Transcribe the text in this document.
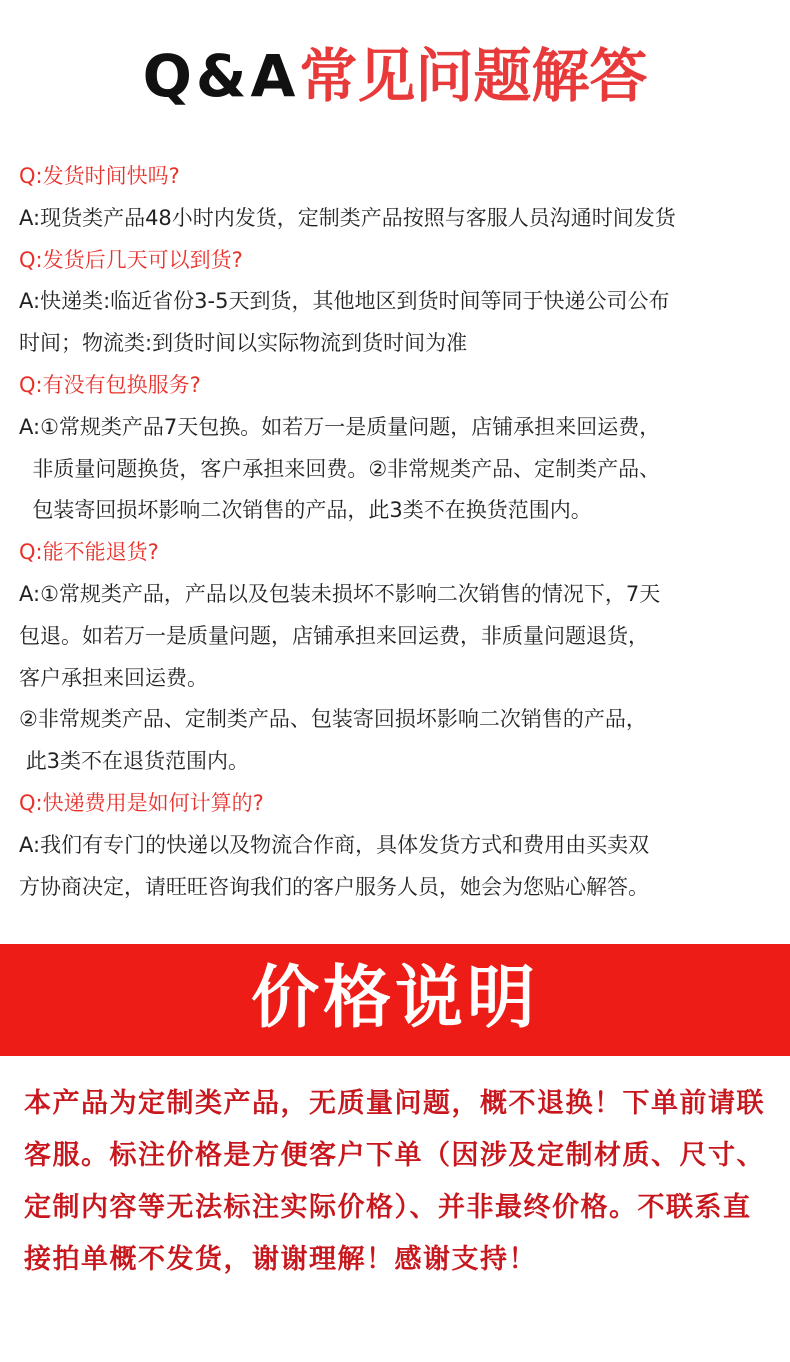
Q&A常见问题解答

Q:发货时间快吗?

A:现货类产品48小时内发货，定制类产品按照与客服人员沟通时间发货

Q:发货后几天可以到货?

A:快递类:临近省份3-5天到货，其他地区到货时间等同于快递公司公布

时间；物流类:到货时间以实际物流到货时间为准

Q:有没有包换服务?

A:①常规类产品7天包换。如若万一是质量问题，店铺承担来回运费，

非质量问题换货，客户承担来回费。②非常规类产品、定制类产品、

包装寄回损坏影响二次销售的产品，此3类不在换货范围内。

Q:能不能退货?

A:①常规类产品，产品以及包装未损坏不影响二次销售的情况下，7天

包退。如若万一是质量问题，店铺承担来回运费，非质量问题退货，

客户承担来回运费。

②非常规类产品、定制类产品、包装寄回损坏影响二次销售的产品，

此3类不在退货范围内。

Q:快递费用是如何计算的?

A:我们有专门的快递以及物流合作商，具体发货方式和费用由买卖双

方协商决定，请旺旺咨询我们的客户服务人员，她会为您贴心解答。

价格说明

本产品为定制类产品，无质量问题，概不退换！下单前请联客服。标注价格是方便客户下单（因涉及定制材质、尺寸、定制内容等无法标注实际价格）、并非最终价格。不联系直接拍单概不发货，谢谢理解！感谢支持！
